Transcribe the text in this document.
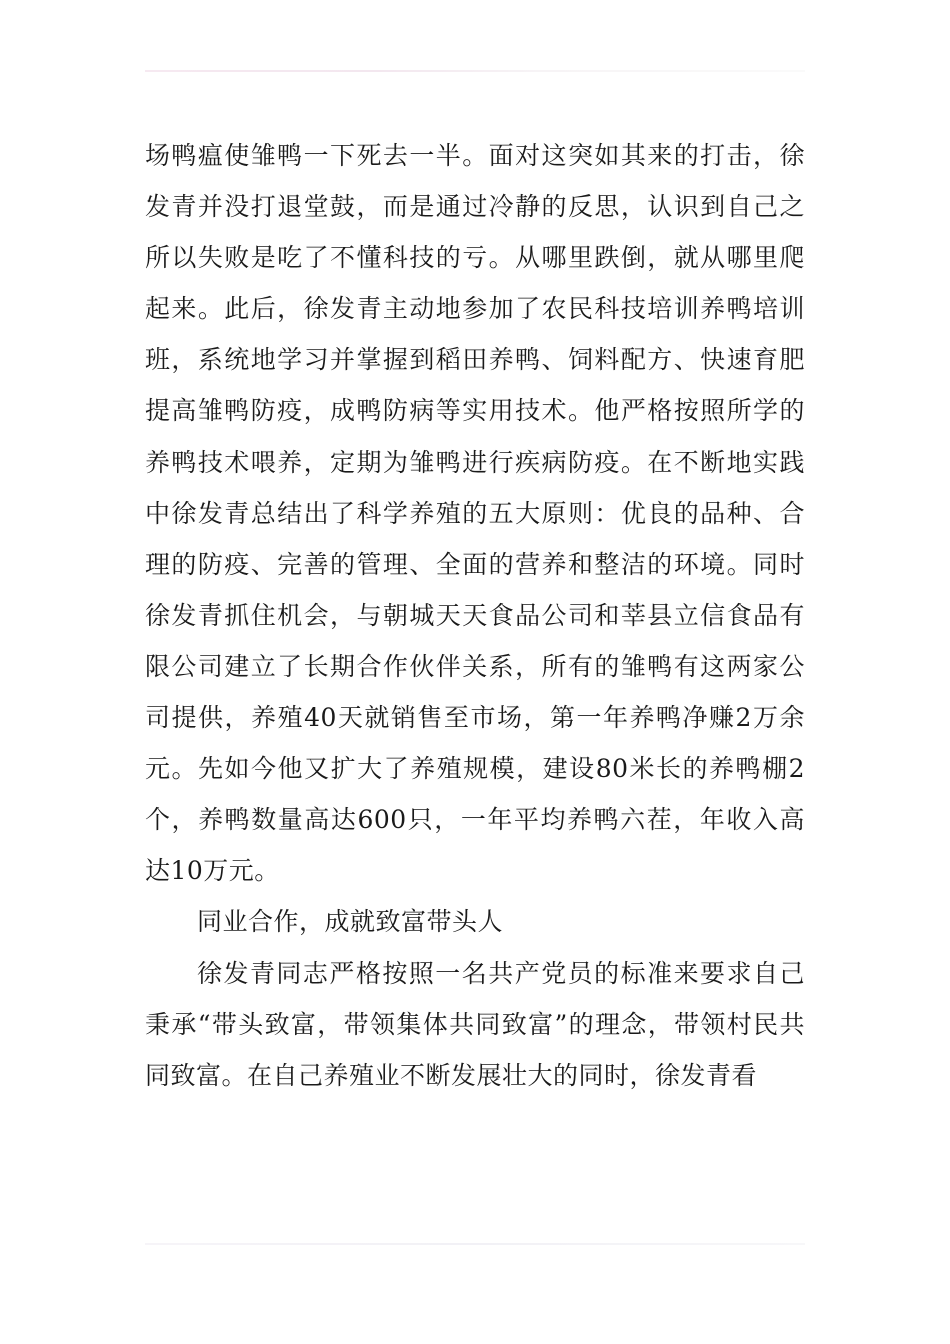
场鸭瘟使雏鸭一下死去一半。面对这突如其来的打击，徐发青并没打退堂鼓，而是通过冷静的反思，认识到自己之所以失败是吃了不懂科技的亏。从哪里跌倒，就从哪里爬起来。此后，徐发青主动地参加了农民科技培训养鸭培训班，系统地学习并掌握到稻田养鸭、饲料配方、快速育肥提高雏鸭防疫，成鸭防病等实用技术。他严格按照所学的养鸭技术喂养，定期为雏鸭进行疾病防疫。在不断地实践中徐发青总结出了科学养殖的五大原则：优良的品种、合理的防疫、完善的管理、全面的营养和整洁的环境。同时徐发青抓住机会，与朝城天天食品公司和莘县立信食品有限公司建立了长期合作伙伴关系，所有的雏鸭有这两家公司提供，养殖40天就销售至市场，第一年养鸭净赚2万余元。先如今他又扩大了养殖规模，建设80米长的养鸭棚2个，养鸭数量高达600只，一年平均养鸭六茬，年收入高达10万元。

同业合作，成就致富带头人

徐发青同志严格按照一名共产党员的标准来要求自己秉承“带头致富，带领集体共同致富”的理念，带领村民共同致富。在自己养殖业不断发展壮大的同时，徐发青看
